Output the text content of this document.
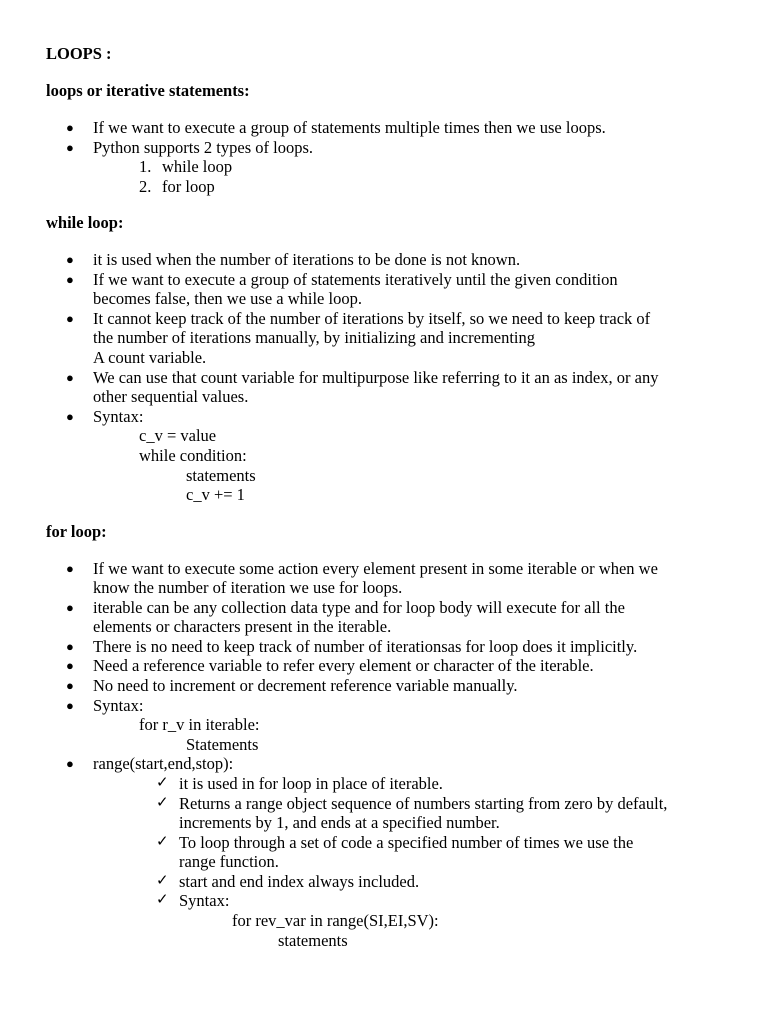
LOOPS :
loops or iterative statements:
● If we want to execute a group of statements multiple times then we use loops.
● Python supports 2 types of loops.
1. while loop
2. for loop
while loop:
● it is used when the number of iterations to be done is not known.
● If we want to execute a group of statements iteratively until the given condition
becomes false, then we use a while loop.
● It cannot keep track of the number of iterations by itself, so we need to keep track of
the number of iterations manually, by initializing and incrementing
A count variable.
● We can use that count variable for multipurpose like referring to it an as index, or any
other sequential values.
● Syntax:
c_v = value
while condition:
statements
c_v += 1
for loop:
● If we want to execute some action every element present in some iterable or when we
know the number of iteration we use for loops.
● iterable can be any collection data type and for loop body will execute for all the
elements or characters present in the iterable.
● There is no need to keep track of number of iterationsas for loop does it implicitly.
● Need a reference variable to refer every element or character of the iterable.
● No need to increment or decrement reference variable manually.
● Syntax:
for r_v in iterable:
Statements
● range(start,end,stop):
✓ it is used in for loop in place of iterable.
✓ Returns a range object sequence of numbers starting from zero by default,
increments by 1, and ends at a specified number.
✓ To loop through a set of code a specified number of times we use the
range function.
✓ start and end index always included.
✓ Syntax:
for rev_var in range(SI,EI,SV):
statements
